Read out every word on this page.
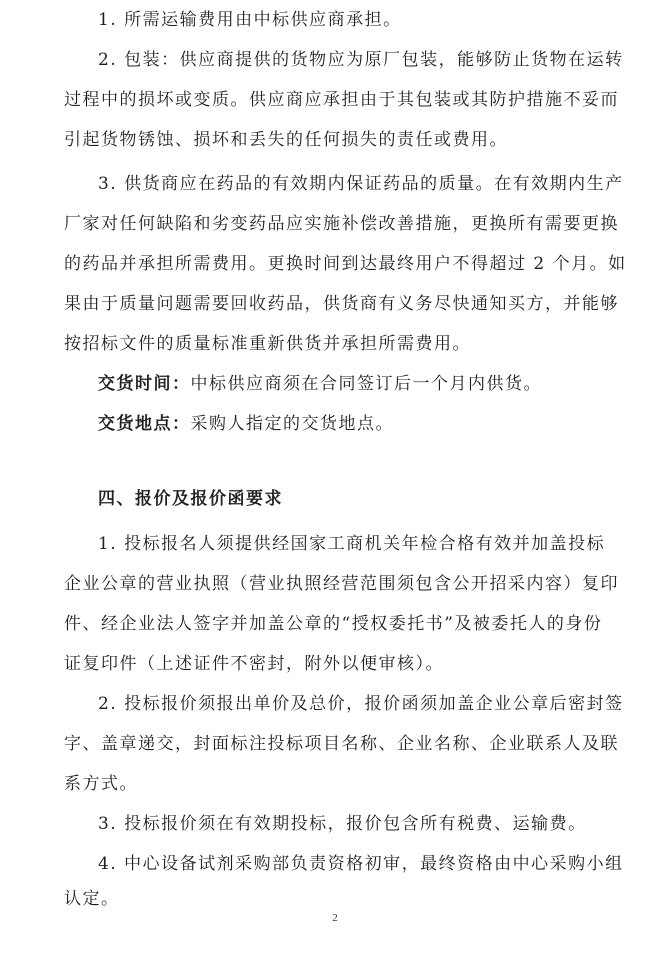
1. 所需运输费用由中标供应商承担。
2. 包装：供应商提供的货物应为原厂包装，能够防止货物在运转
过程中的损坏或变质。供应商应承担由于其包装或其防护措施不妥而
引起货物锈蚀、损坏和丢失的任何损失的责任或费用。
3. 供货商应在药品的有效期内保证药品的质量。在有效期内生产
厂家对任何缺陷和劣变药品应实施补偿改善措施，更换所有需要更换
的药品并承担所需费用。更换时间到达最终用户不得超过 2 个月。如
果由于质量问题需要回收药品，供货商有义务尽快通知买方，并能够
按招标文件的质量标准重新供货并承担所需费用。
交货时间：中标供应商须在合同签订后一个月内供货。
交货地点：采购人指定的交货地点。
四、报价及报价函要求
1. 投标报名人须提供经国家工商机关年检合格有效并加盖投标
企业公章的营业执照（营业执照经营范围须包含公开招采内容）复印
件、经企业法人签字并加盖公章的“授权委托书”及被委托人的身份
证复印件（上述证件不密封，附外以便审核）。
2. 投标报价须报出单价及总价，报价函须加盖企业公章后密封签
字、盖章递交，封面标注投标项目名称、企业名称、企业联系人及联
系方式。
3. 投标报价须在有效期投标，报价包含所有税费、运输费。
4. 中心设备试剂采购部负责资格初审，最终资格由中心采购小组
认定。
2
